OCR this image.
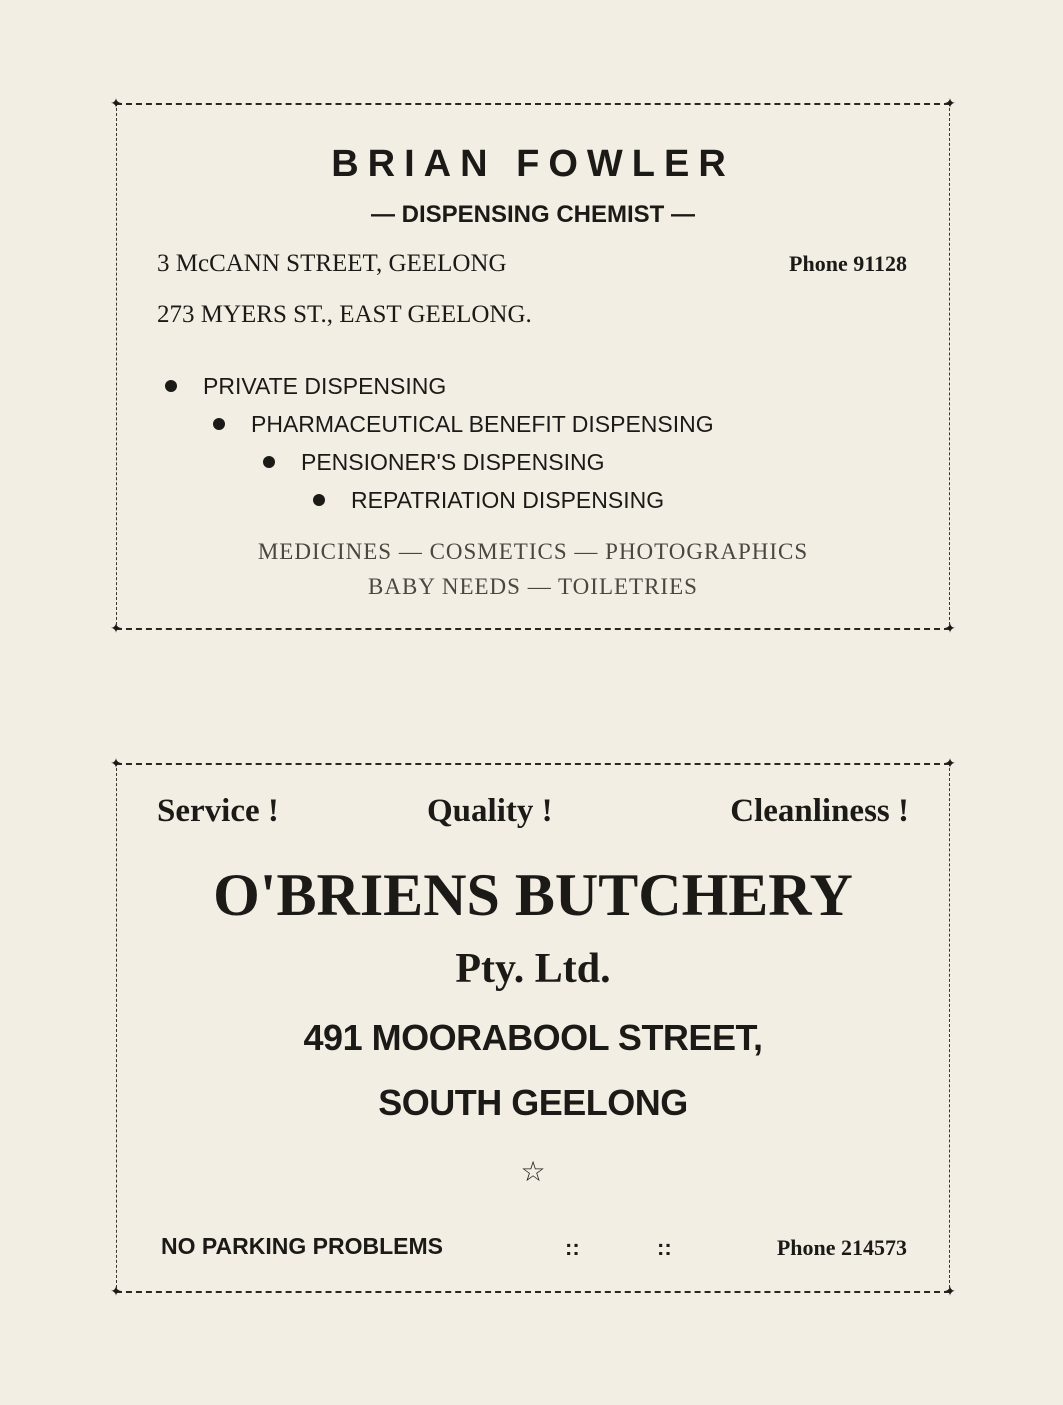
✦	✦
✦	✦
BRIAN FOWLER
— DISPENSING CHEMIST —
3 McCANN STREET, GEELONG	Phone 91128
273 MYERS ST., EAST GEELONG.
PRIVATE DISPENSING
PHARMACEUTICAL BENEFIT DISPENSING
PENSIONER'S DISPENSING
REPATRIATION DISPENSING
MEDICINES — COSMETICS — PHOTOGRAPHICS
BABY NEEDS — TOILETRIES
✦	✦
✦	✦
Service !	Quality !	Cleanliness !
O'BRIENS BUTCHERY
Pty. Ltd.
491 MOORABOOL STREET,
SOUTH GEELONG
☆
NO PARKING PROBLEMS	::	::	Phone 214573
